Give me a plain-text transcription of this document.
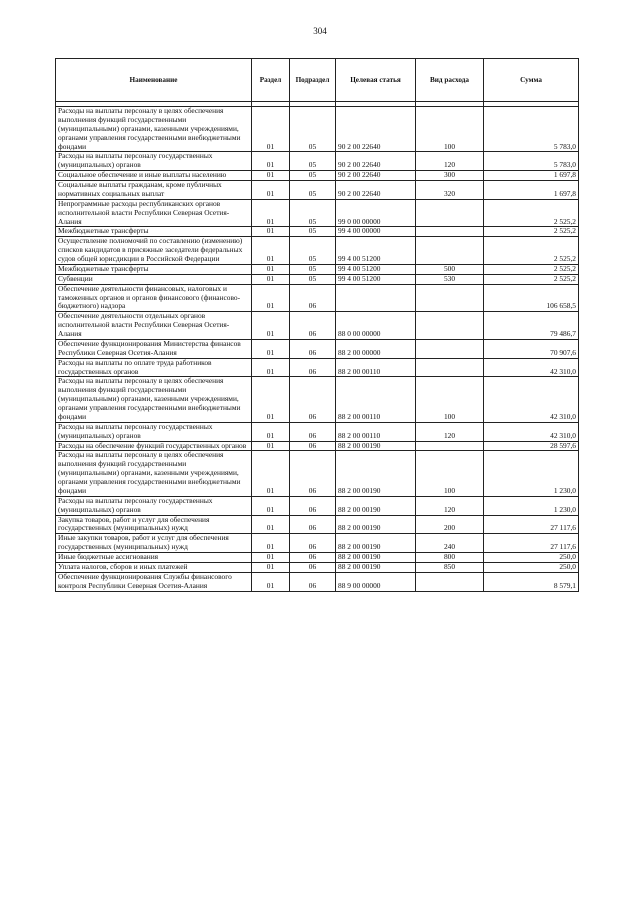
304
Наименование	Раздел	Подраздел	Целевая статья	Вид расхода	Сумма

Расходы на выплаты персоналу в целях обеспечения выполнения функций государственными (муниципальными) органами, казенными учреждениями, органами управления государственными внебюджетными фондами	01	05	90 2 00 22640	100	5 783,0
Расходы на выплаты персоналу государственных (муниципальных) органов	01	05	90 2 00 22640	120	5 783,0
Социальное обеспечение и иные выплаты населению	01	05	90 2 00 22640	300	1 697,8
Социальные выплаты гражданам, кроме публичных нормативных социальных выплат	01	05	90 2 00 22640	320	1 697,8
Непрограммные расходы республиканских органов исполнительной власти Республики Северная Осетия-Алания	01	05	99 0 00 00000		2 525,2
Межбюджетные трансферты	01	05	99 4 00 00000		2 525,2
Осуществление полномочий по составлению (изменению) списков кандидатов в присяжные заседатели федеральных судов общей юрисдикции в Российской Федерации	01	05	99 4 00 51200		2 525,2
Межбюджетные трансферты	01	05	99 4 00 51200	500	2 525,2
Субвенции	01	05	99 4 00 51200	530	2 525,2
Обеспечение деятельности финансовых, налоговых и таможенных органов и органов финансового (финансово-бюджетного) надзора	01	06			106 658,5
Обеспечение деятельности отдельных органов исполнительной власти Республики Северная Осетия-Алания	01	06	88 0 00 00000		79 486,7
Обеспечение функционирования Министерства финансов Республики Северная Осетия-Алания	01	06	88 2 00 00000		70 907,6
Расходы на выплаты по оплате труда работников государственных органов	01	06	88 2 00 00110		42 310,0
Расходы на выплаты персоналу в целях обеспечения выполнения функций государственными (муниципальными) органами, казенными учреждениями, органами управления государственными внебюджетными фондами	01	06	88 2 00 00110	100	42 310,0
Расходы на выплаты персоналу государственных (муниципальных) органов	01	06	88 2 00 00110	120	42 310,0
Расходы на обеспечение функций государственных органов	01	06	88 2 00 00190		28 597,6
Расходы на выплаты персоналу в целях обеспечения выполнения функций государственными (муниципальными) органами, казенными учреждениями, органами управления государственными внебюджетными фондами	01	06	88 2 00 00190	100	1 230,0
Расходы на выплаты персоналу государственных (муниципальных) органов	01	06	88 2 00 00190	120	1 230,0
Закупка товаров, работ и услуг для обеспечения государственных (муниципальных) нужд	01	06	88 2 00 00190	200	27 117,6
Иные закупки товаров, работ и услуг для обеспечения государственных (муниципальных) нужд	01	06	88 2 00 00190	240	27 117,6
Иные бюджетные ассигнования	01	06	88 2 00 00190	800	250,0
Уплата налогов, сборов и иных платежей	01	06	88 2 00 00190	850	250,0
Обеспечение функционирования Службы финансового контроля Республики Северная Осетия-Алания	01	06	88 9 00 00000		8 579,1
